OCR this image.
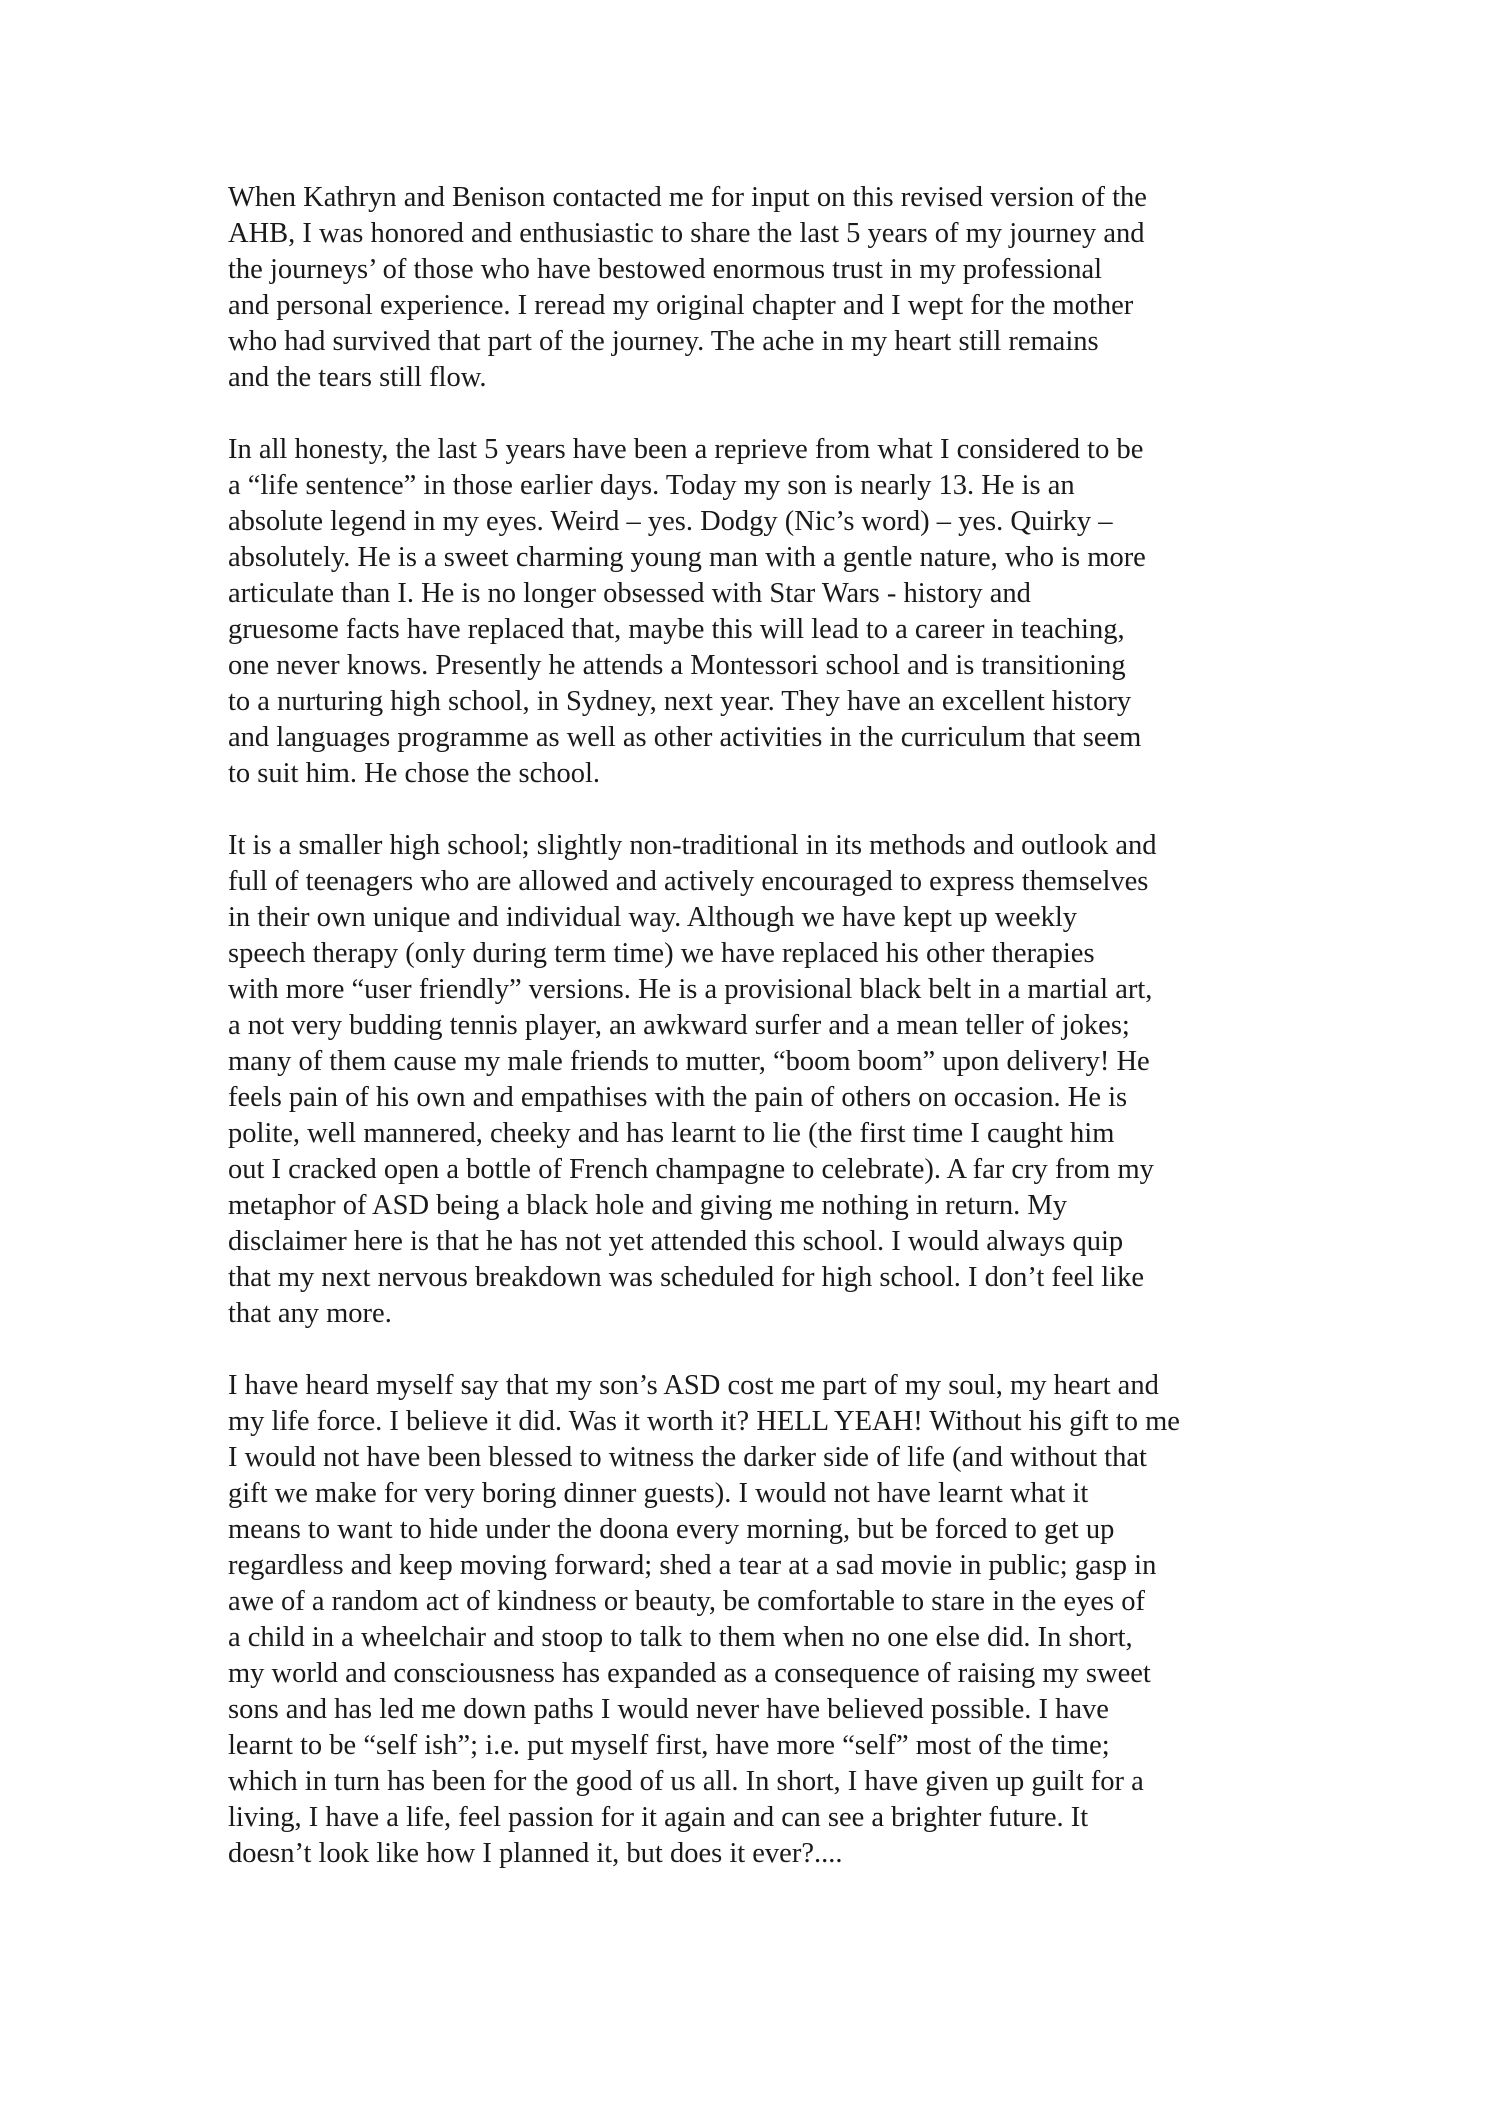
When Kathryn and Benison contacted me for input on this revised version of the
AHB, I was honored and enthusiastic to share the last 5 years of my journey and
the journeys’ of those who have bestowed enormous trust in my professional
and personal experience. I reread my original chapter and I wept for the mother
who had survived that part of the journey. The ache in my heart still remains
and the tears still flow.

In all honesty, the last 5 years have been a reprieve from what I considered to be
a “life sentence” in those earlier days. Today my son is nearly 13. He is an
absolute legend in my eyes. Weird – yes. Dodgy (Nic’s word) – yes. Quirky –
absolutely. He is a sweet charming young man with a gentle nature, who is more
articulate than I. He is no longer obsessed with Star Wars - history and
gruesome facts have replaced that, maybe this will lead to a career in teaching,
one never knows. Presently he attends a Montessori school and is transitioning
to a nurturing high school, in Sydney, next year. They have an excellent history
and languages programme as well as other activities in the curriculum that seem
to suit him. He chose the school.

It is a smaller high school; slightly non-traditional in its methods and outlook and
full of teenagers who are allowed and actively encouraged to express themselves
in their own unique and individual way. Although we have kept up weekly
speech therapy (only during term time) we have replaced his other therapies
with more “user friendly” versions. He is a provisional black belt in a martial art,
a not very budding tennis player, an awkward surfer and a mean teller of jokes;
many of them cause my male friends to mutter, “boom boom” upon delivery! He
feels pain of his own and empathises with the pain of others on occasion. He is
polite, well mannered, cheeky and has learnt to lie (the first time I caught him
out I cracked open a bottle of French champagne to celebrate). A far cry from my
metaphor of ASD being a black hole and giving me nothing in return. My
disclaimer here is that he has not yet attended this school. I would always quip
that my next nervous breakdown was scheduled for high school. I don’t feel like
that any more.

I have heard myself say that my son’s ASD cost me part of my soul, my heart and
my life force. I believe it did. Was it worth it? HELL YEAH! Without his gift to me
I would not have been blessed to witness the darker side of life (and without that
gift we make for very boring dinner guests). I would not have learnt what it
means to want to hide under the doona every morning, but be forced to get up
regardless and keep moving forward; shed a tear at a sad movie in public; gasp in
awe of a random act of kindness or beauty, be comfortable to stare in the eyes of
a child in a wheelchair and stoop to talk to them when no one else did. In short,
my world and consciousness has expanded as a consequence of raising my sweet
sons and has led me down paths I would never have believed possible. I have
learnt to be “self ish”; i.e. put myself first, have more “self” most of the time;
which in turn has been for the good of us all. In short, I have given up guilt for a
living, I have a life, feel passion for it again and can see a brighter future. It
doesn’t look like how I planned it, but does it ever?....
